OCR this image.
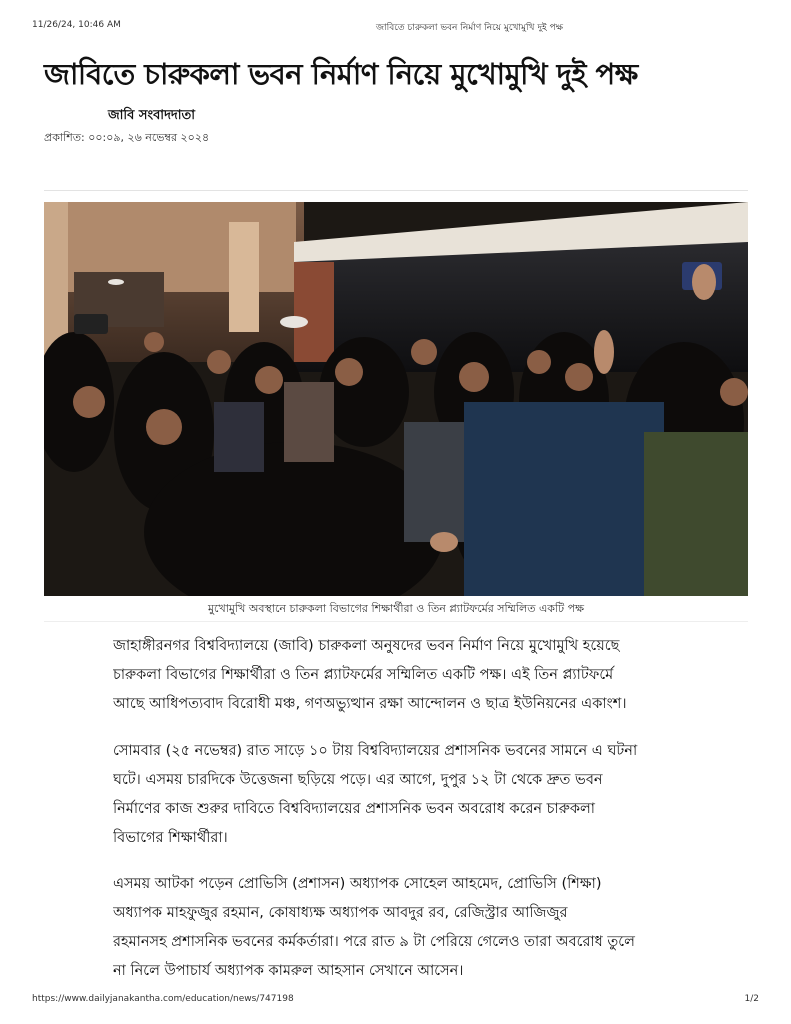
11/26/24, 10:46 AM	জাবিতে চারুকলা ভবন নির্মাণ নিয়ে মুখোমুখি দুই পক্ষ
জাবিতে চারুকলা ভবন নির্মাণ নিয়ে মুখোমুখি দুই পক্ষ
জাবি সংবাদদাতা
প্রকাশিত: ০০:০৯, ২৬ নভেম্বর ২০২৪
মুখোমুখি অবস্থানে চারুকলা বিভাগের শিক্ষার্থীরা ও তিন প্ল্যাটফর্মের সম্মিলিত একটি পক্ষ

জাহাঙ্গীরনগর বিশ্ববিদ্যালয়ে (জাবি) চারুকলা অনুষদের ভবন নির্মাণ নিয়ে মুখোমুখি হয়েছে
চারুকলা বিভাগের শিক্ষার্থীরা ও তিন প্ল্যাটফর্মের সম্মিলিত একটি পক্ষ। এই তিন প্ল্যাটফর্মে
আছে আধিপত্যবাদ বিরোধী মঞ্চ, গণঅভ্যুত্থান রক্ষা আন্দোলন ও ছাত্র ইউনিয়নের একাংশ।

সোমবার (২৫ নভেম্বর) রাত সাড়ে ১০ টায় বিশ্ববিদ্যালয়ের প্রশাসনিক ভবনের সামনে এ ঘটনা
ঘটে। এসময় চারদিকে উত্তেজনা ছড়িয়ে পড়ে। এর আগে, দুপুর ১২ টা থেকে দ্রুত ভবন
নির্মাণের কাজ শুরুর দাবিতে বিশ্ববিদ্যালয়ের প্রশাসনিক ভবন অবরোধ করেন চারুকলা
বিভাগের শিক্ষার্থীরা।

এসময় আটকা পড়েন প্রোভিসি (প্রশাসন) অধ্যাপক সোহেল আহমেদ, প্রোভিসি (শিক্ষা)
অধ্যাপক মাহফুজুর রহমান, কোষাধ্যক্ষ অধ্যাপক আবদুর রব, রেজিস্ট্রার আজিজুর
রহমানসহ প্রশাসনিক ভবনের কর্মকর্তারা। পরে রাত ৯ টা পেরিয়ে গেলেও তারা অবরোধ তুলে
না নিলে উপাচার্য অধ্যাপক কামরুল আহসান সেখানে আসেন।

https://www.dailyjanakantha.com/education/news/747198	1/2
